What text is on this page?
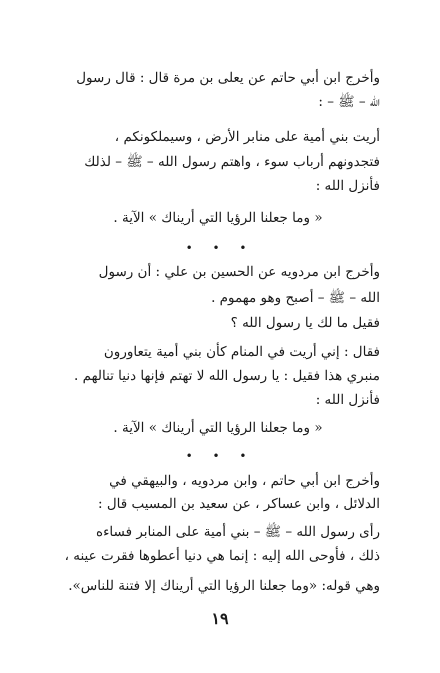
وأخرج ابن أبي حاتم عن يعلى بن مرة قال : قال رسول
الله – ﷺ – :
أريت بني أمية على منابر الأرض ، وسيملكونكم ،
فتجدونهم أرباب سوء ، واهتم رسول الله – ﷺ – لذلك
فأنزل الله :
« وما جعلنا الرؤيا التي أريناك » الآية .
• • •
وأخرج ابن مردويه عن الحسين بن علي : أن رسول
الله – ﷺ – أصبح وهو مهموم .
فقيل ما لك يا رسول الله ؟
فقال : إني أريت في المنام كأن بني أمية يتعاورون
منبري هذا فقيل : يا رسول الله لا تهتم فإنها دنيا تنالهم .
فأنزل الله :
« وما جعلنا الرؤيا التي أريناك » الآية .
• • •
وأخرج ابن أبي حاتم ، وابن مردويه ، والبيهقي في
الدلائل ، وابن عساكر ، عن سعيد بن المسيب قال :
رأى رسول الله – ﷺ – بني أمية على المنابر فساءه
ذلك ، فأوحى الله إليه : إنما هي دنيا أعطوها فقرت عينه ،
وهي قوله: «وما جعلنا الرؤيا التي أريناك إلا فتنة للناس».
١٩
